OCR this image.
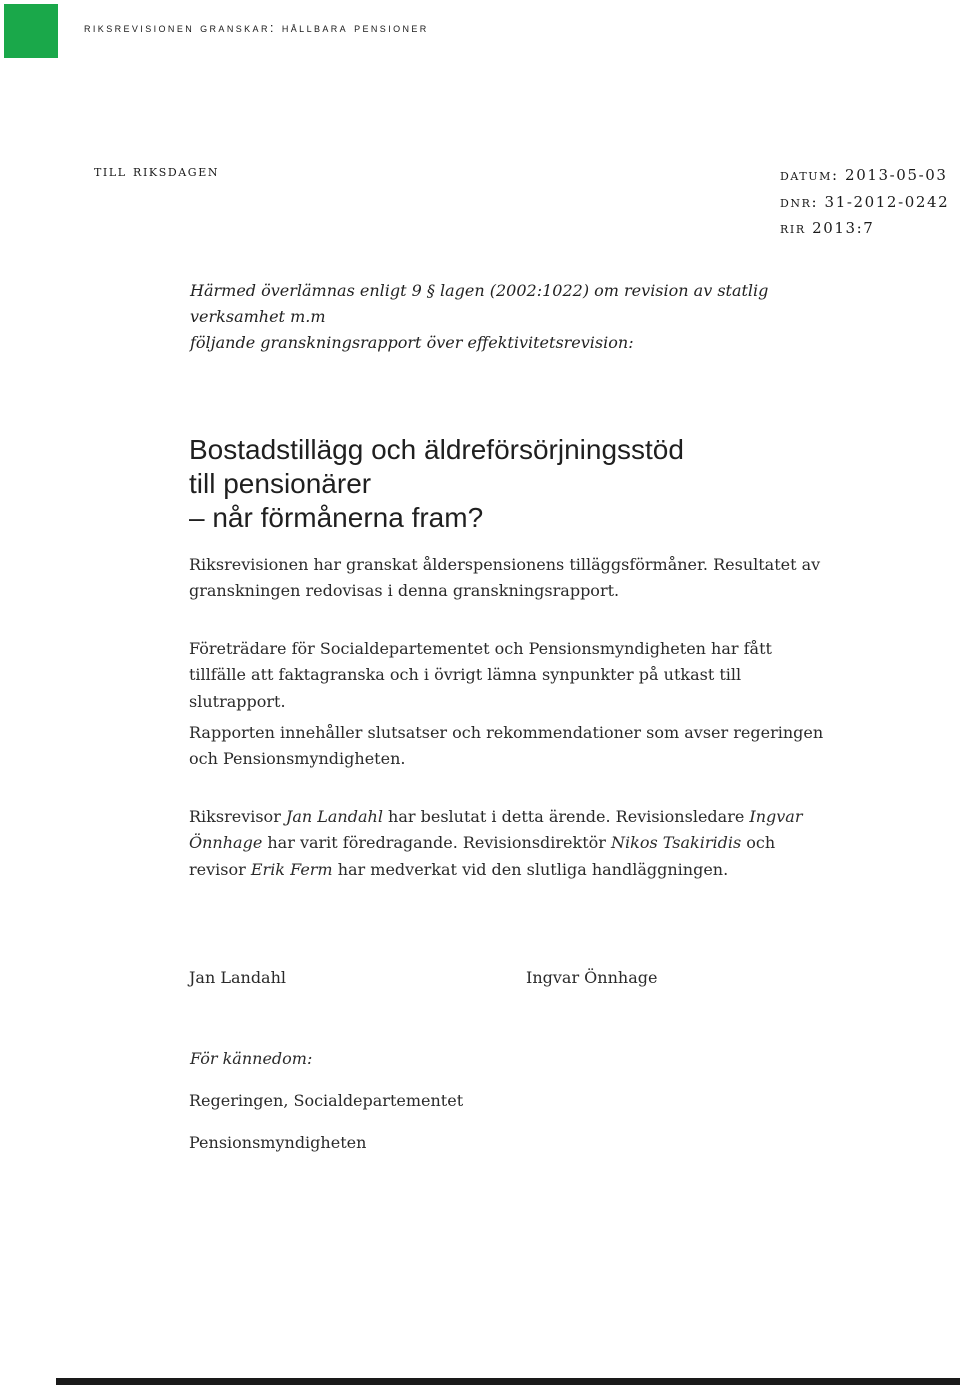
riksrevisionen granskar: hållbara pensioner
till riksdagen	datum: 2013-05-03
dnr: 31-2012-0242
rir 2013:7
Härmed överlämnas enligt 9 § lagen (2002:1022) om revision av statlig verksamhet m.m
följande granskningsrapport över effektivitetsrevision:
Bostadstillägg och äldreförsörjningsstöd
till pensionärer
– når förmånerna fram?
Riksrevisionen har granskat ålderspensionens tilläggsförmåner. Resultatet av granskningen redovisas i denna granskningsrapport.
Företrädare för Socialdepartementet och Pensionsmyndigheten har fått tillfälle att faktagranska och i övrigt lämna synpunkter på utkast till slutrapport.
Rapporten innehåller slutsatser och rekommendationer som avser regeringen och Pensionsmyndigheten.
Riksrevisor Jan Landahl har beslutat i detta ärende. Revisionsledare Ingvar Önnhage har varit föredragande. Revisionsdirektör Nikos Tsakiridis och revisor Erik Ferm har medverkat vid den slutliga handläggningen.
Jan Landahl	Ingvar Önnhage
För kännedom:
Regeringen, Socialdepartementet
Pensionsmyndigheten
